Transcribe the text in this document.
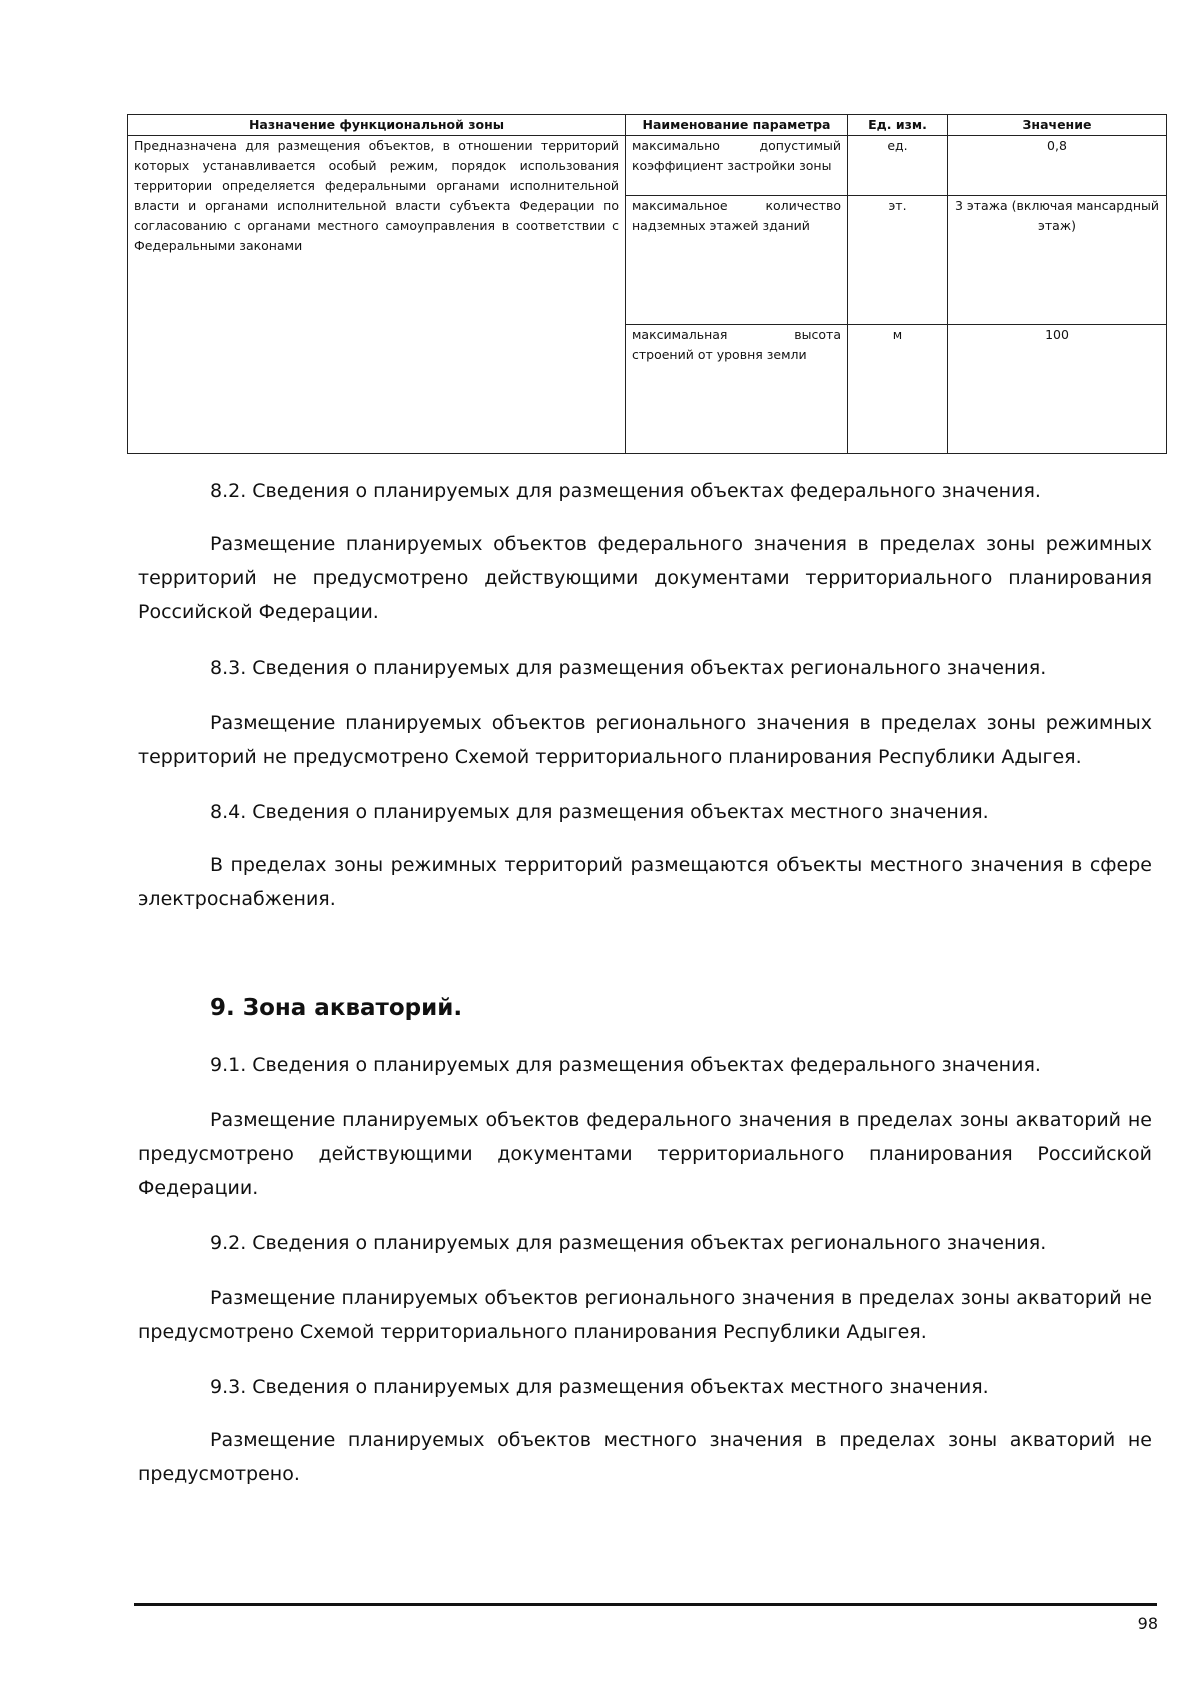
Назначение функциональной зоны	Наименование параметра	Ед. изм.	Значение
Предназначена для размещения объектов, в отношении территорий которых устанавливается особый режим, порядок использования территории определяется федеральными органами исполнительной власти и органами исполнительной власти субъекта Федерации по согласованию с органами местного самоуправления в соответствии с Федеральными законами	максимально допустимый коэффициент застройки зоны	ед.	0,8
	максимальное количество надземных этажей зданий	эт.	3 этажа (включая мансардный этаж)
	максимальная высота строений от уровня земли	м	100
8.2. Сведения о планируемых для размещения объектах федерального значения.
Размещение планируемых объектов федерального значения в пределах зоны режимных территорий не предусмотрено действующими документами территориального планирования Российской Федерации.
8.3. Сведения о планируемых для размещения объектах регионального значения.
Размещение планируемых объектов регионального значения в пределах зоны режимных территорий не предусмотрено Схемой территориального планирования Республики Адыгея.
8.4. Сведения о планируемых для размещения объектах местного значения.
В пределах зоны режимных территорий размещаются объекты местного значения в сфере электроснабжения.
9. Зона акваторий.
9.1. Сведения о планируемых для размещения объектах федерального значения.
Размещение планируемых объектов федерального значения в пределах зоны акваторий не предусмотрено действующими документами территориального планирования Российской Федерации.
9.2. Сведения о планируемых для размещения объектах регионального значения.
Размещение планируемых объектов регионального значения в пределах зоны акваторий не предусмотрено Схемой территориального планирования Республики Адыгея.
9.3. Сведения о планируемых для размещения объектах местного значения.
Размещение планируемых объектов местного значения в пределах зоны акваторий не предусмотрено.
98
